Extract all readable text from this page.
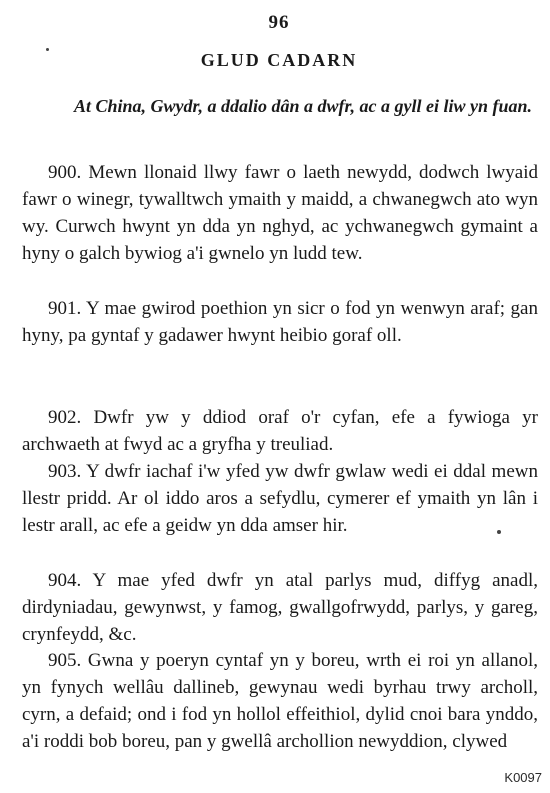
96
GLUD CADARN
At China, Gwydr, a ddalio dân a dwfr, ac a gyll ei liw yn fuan.

900. Mewn llonaid llwy fawr o laeth newydd, dodwch lwyaid fawr o winegr, tywalltwch ymaith y maidd, a chwanegwch ato wyn wy. Curwch hwynt yn dda yn nghyd, ac ychwanegwch gymaint a hyny o galch bywiog a'i gwnelo yn ludd tew.

901. Y mae gwirod poethion yn sicr o fod yn wenwyn araf; gan hyny, pa gyntaf y gadawer hwynt heibio goraf oll.

902. Dwfr yw y ddiod oraf o'r cyfan, efe a fywioga yr archwaeth at fwyd ac a gryfha y treuliad.

903. Y dwfr iachaf i'w yfed yw dwfr gwlaw wedi ei ddal mewn llestr pridd. Ar ol iddo aros a sefydlu, cymerer ef ymaith yn lân i lestr arall, ac efe a geidw yn dda amser hir.

904. Y mae yfed dwfr yn atal parlys mud, diffyg anadl, dirdyniadau, gewynwst, y famog, gwallgofrwydd, parlys, y gareg, crynfeydd, &c.

905. Gwna y poeryn cyntaf yn y boreu, wrth ei roi yn allanol, yn fynych wellâu dallineb, gewynau wedi byrhau trwy archoll, cyrn, a defaid; ond i fod yn hollol effeithiol, dylid cnoi bara ynddo, a'i roddi bob boreu, pan y gwellâ archollion newyddion, clywed

K0097
